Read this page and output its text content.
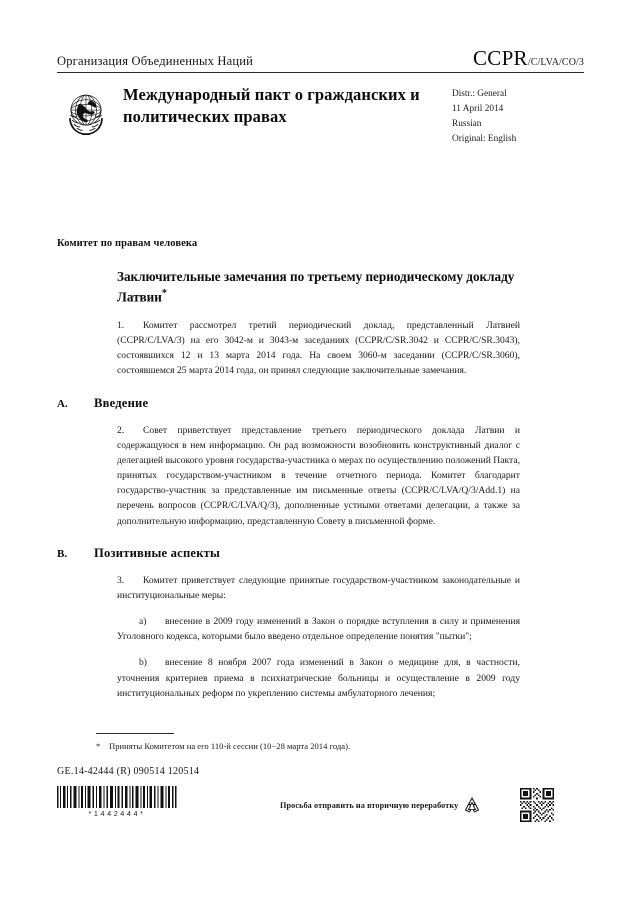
Организация Объединенных Наций	CCPR/C/LVA/CO/3
Международный пакт о гражданских и политических правах
Distr.: General
11 April 2014
Russian
Original: English
Комитет по правам человека
Заключительные замечания по третьему периодическому докладу Латвии*

1. Комитет рассмотрел третий периодический доклад, представленный Латвией (CCPR/C/LVA/3) на его 3042-м и 3043-м заседаниях (CCPR/C/SR.3042 и CCPR/C/SR.3043), состоявшихся 12 и 13 марта 2014 года. На своем 3060-м заседании (CCPR/C/SR.3060), состоявшемся 25 марта 2014 года, он принял следующие заключительные замечания.

A.	Введение

2. Совет приветствует представление третьего периодического доклада Латвии и содержащуюся в нем информацию. Он рад возможности возобновить конструктивный диалог с делегацией высокого уровня государства-участника о мерах по осуществлению положений Пакта, принятых государством-участником в течение отчетного периода. Комитет благодарит государство-участник за представленные им письменные ответы (CCPR/C/LVA/Q/3/Add.1) на перечень вопросов (CCPR/C/LVA/Q/3), дополненные устными ответами делегации, а также за дополнительную информацию, представленную Совету в письменной форме.

B.	Позитивные аспекты

3. Комитет приветствует следующие принятые государством-участником законодательные и институциональные меры:

a) внесение в 2009 году изменений в Закон о порядке вступления в силу и применения Уголовного кодекса, которыми было введено отдельное определение понятия "пытки";

b) внесение 8 ноября 2007 года изменений в Закон о медицине для, в частности, уточнения критериев приема в психиатрические больницы и осуществление в 2009 году институциональных реформ по укреплению системы амбулаторного лечения;

* Приняты Комитетом на его 110-й сессии (10−28 марта 2014 года).
GE.14-42444 (R) 090514 120514
*1442444*
Просьба отправить на вторичную переработку
